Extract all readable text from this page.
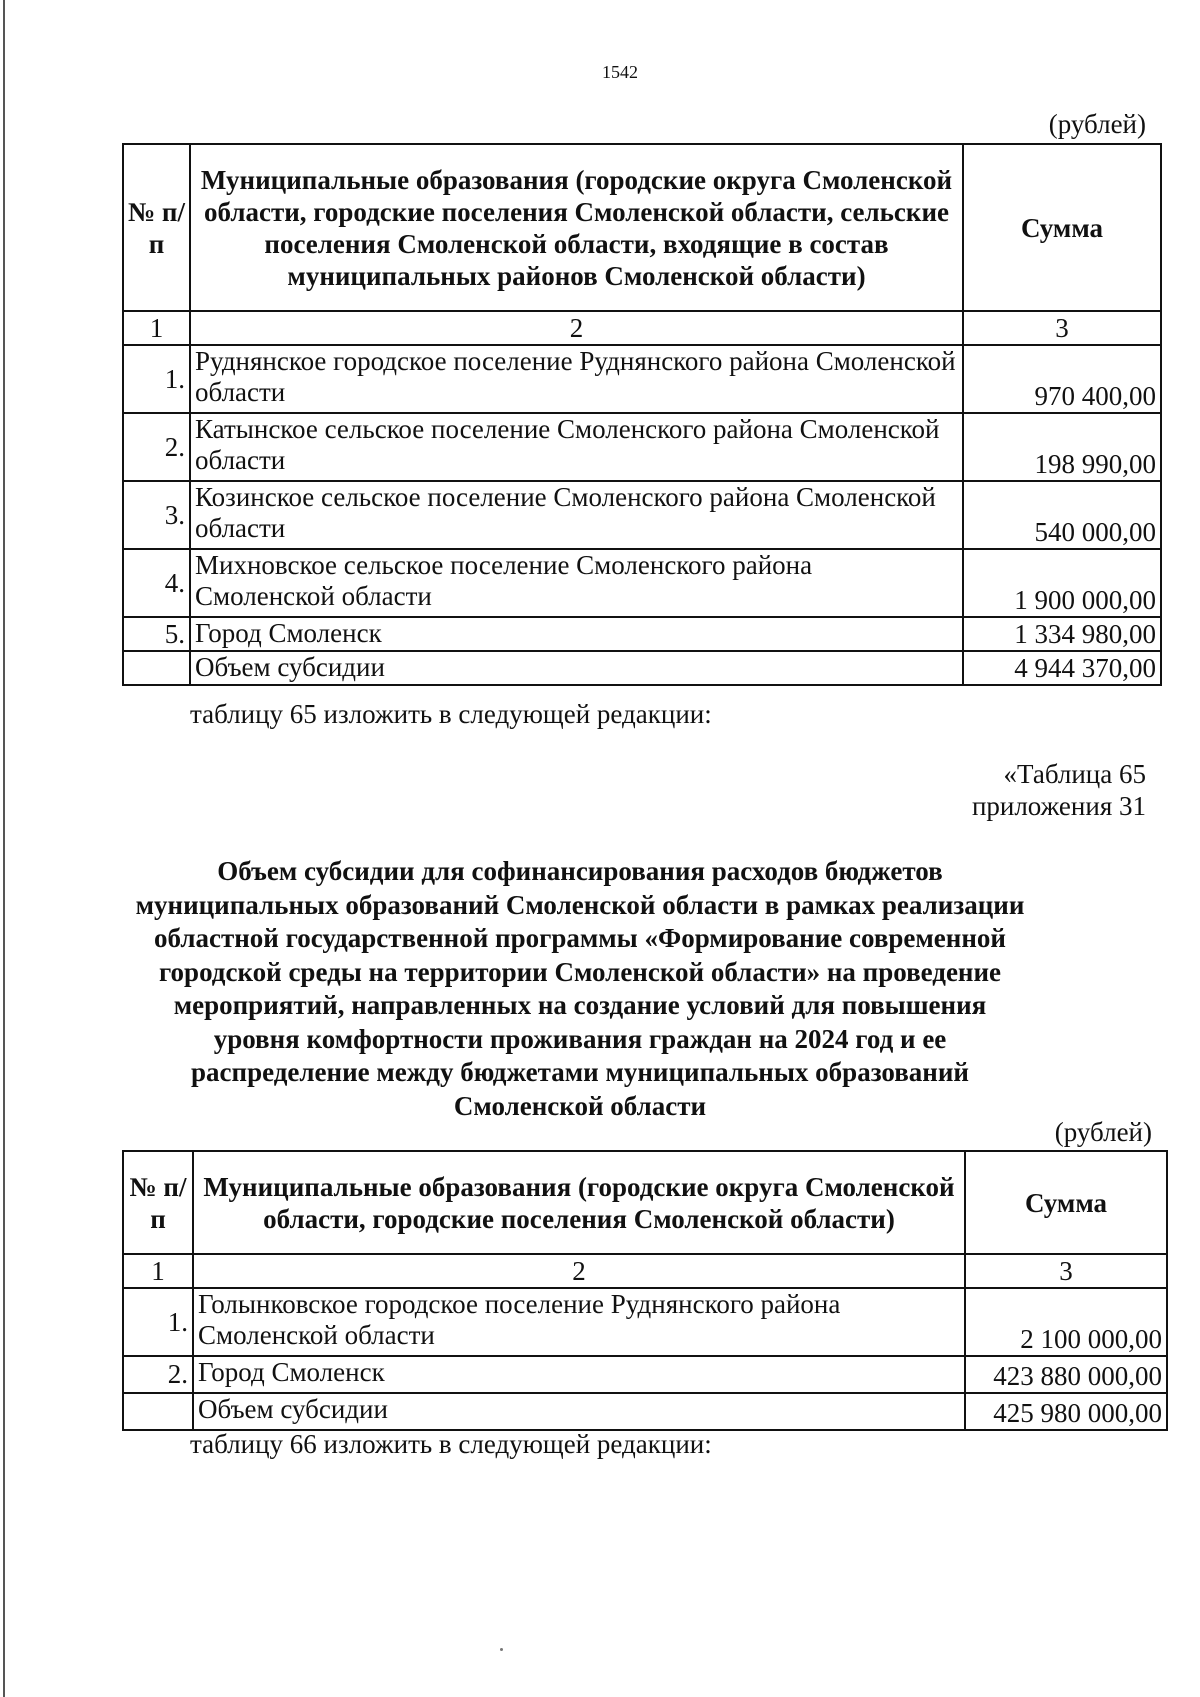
1542
(рублей)
№ п/п	Муниципальные образования (городские округа Смоленской области, городские поселения Смоленской области, сельские поселения Смоленской области, входящие в состав муниципальных районов Смоленской области)	Сумма
1	2	3
1.	Руднянское городское поселение Руднянского района Смоленской области	970 400,00
2.	Катынское сельское поселение Смоленского района Смоленской области	198 990,00
3.	Козинское сельское поселение Смоленского района Смоленской области	540 000,00
4.	Михновское сельское поселение Смоленского района Смоленской области	1 900 000,00
5.	Город Смоленск	1 334 980,00
	Объем субсидии	4 944 370,00
таблицу 65 изложить в следующей редакции:
«Таблица 65
приложения 31
Объем субсидии для софинансирования расходов бюджетов муниципальных образований Смоленской области в рамках реализации областной государственной программы «Формирование современной городской среды на территории Смоленской области» на проведение мероприятий, направленных на создание условий для повышения уровня комфортности проживания граждан на 2024 год и ее распределение между бюджетами муниципальных образований Смоленской области
(рублей)
№ п/п	Муниципальные образования (городские округа Смоленской области, городские поселения Смоленской области)	Сумма
1	2	3
1.	Голынковское городское поселение Руднянского района Смоленской области	2 100 000,00
2.	Город Смоленск	423 880 000,00
	Объем субсидии	425 980 000,00
таблицу 66 изложить в следующей редакции:
